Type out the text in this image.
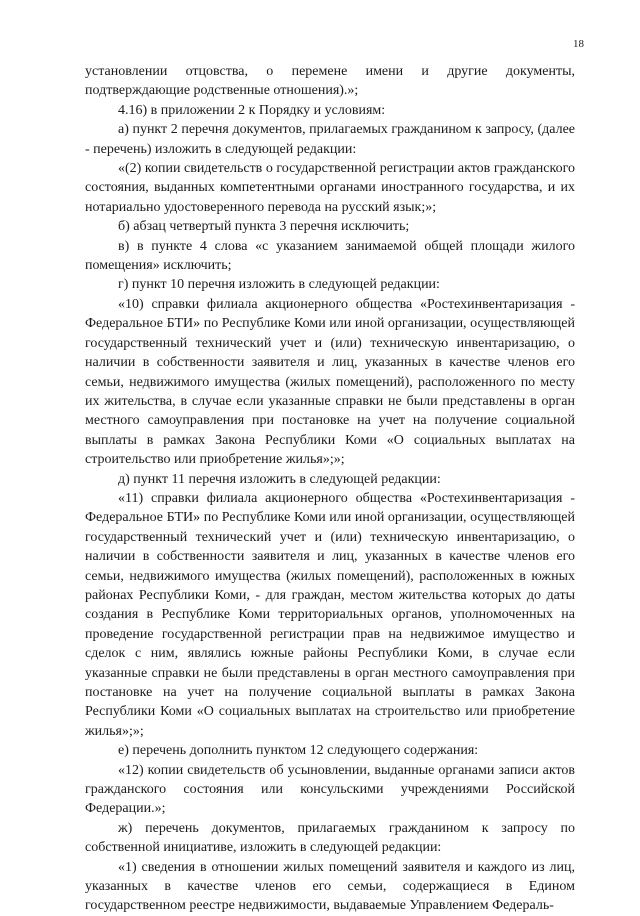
18

установлении отцовства, о перемене имени и другие документы, подтверждающие родственные отношения).»;

4.16) в приложении 2 к Порядку и условиям:

а) пункт 2 перечня документов, прилагаемых гражданином к запросу, (далее - перечень) изложить в следующей редакции:

«(2) копии свидетельств о государственной регистрации актов гражданского состояния, выданных компетентными органами иностранного государства, и их нотариально удостоверенного перевода на русский язык;»;

б) абзац четвертый пункта 3 перечня исключить;

в) в пункте 4 слова «с указанием занимаемой общей площади жилого помещения» исключить;

г) пункт 10 перечня изложить в следующей редакции:

«10) справки филиала акционерного общества «Ростехинвентаризация - Федеральное БТИ» по Республике Коми или иной организации, осуществляющей государственный технический учет и (или) техническую инвентаризацию, о наличии в собственности заявителя и лиц, указанных в качестве членов его семьи, недвижимого имущества (жилых помещений), расположенного по месту их жительства, в случае если указанные справки не были представлены в орган местного самоуправления при постановке на учет на получение социальной выплаты в рамках Закона Республики Коми «О социальных выплатах на строительство или приобретение жилья»;»;

д) пункт 11 перечня изложить в следующей редакции:

«11) справки филиала акционерного общества «Ростехинвентаризация - Федеральное БТИ» по Республике Коми или иной организации, осуществляющей государственный технический учет и (или) техническую инвентаризацию, о наличии в собственности заявителя и лиц, указанных в качестве членов его семьи, недвижимого имущества (жилых помещений), расположенных в южных районах Республики Коми, - для граждан, местом жительства которых до даты создания в Республике Коми территориальных органов, уполномоченных на проведение государственной регистрации прав на недвижимое имущество и сделок с ним, являлись южные районы Республики Коми, в случае если указанные справки не были представлены в орган местного самоуправления при постановке на учет на получение социальной выплаты в рамках Закона Республики Коми «О социальных выплатах на строительство или приобретение жилья»;»;

е) перечень дополнить пунктом 12 следующего содержания:

«12) копии свидетельств об усыновлении, выданные органами записи актов гражданского состояния или консульскими учреждениями Российской Федерации.»;

ж) перечень документов, прилагаемых гражданином к запросу по собственной инициативе, изложить в следующей редакции:

«1) сведения в отношении жилых помещений заявителя и каждого из лиц, указанных в качестве членов его семьи, содержащиеся в Едином государственном реестре недвижимости, выдаваемые Управлением Федераль-
